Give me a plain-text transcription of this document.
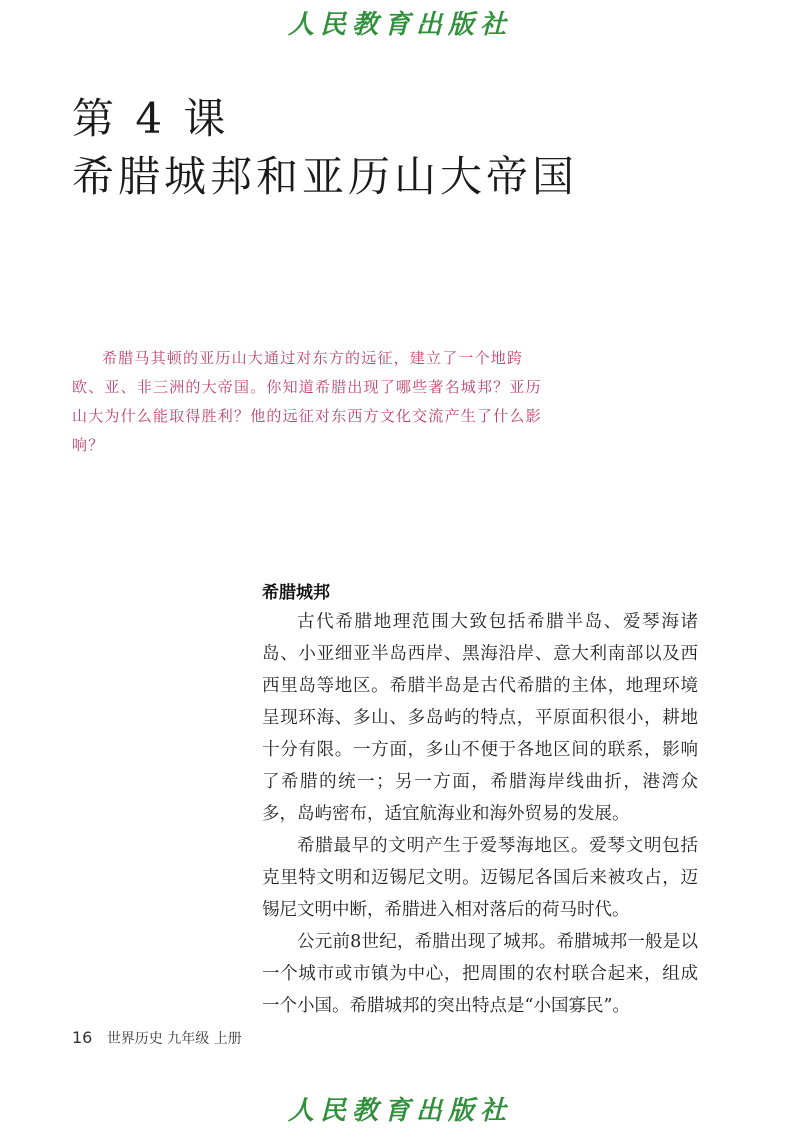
人民教育出版社
第 4 课
希腊城邦和亚历山大帝国

希腊马其顿的亚历山大通过对东方的远征，建立了一个地跨欧、亚、非三洲的大帝国。你知道希腊出现了哪些著名城邦？亚历山大为什么能取得胜利？他的远征对东西方文化交流产生了什么影响？

希腊城邦

古代希腊地理范围大致包括希腊半岛、爱琴海诸岛、小亚细亚半岛西岸、黑海沿岸、意大利南部以及西西里岛等地区。希腊半岛是古代希腊的主体，地理环境呈现环海、多山、多岛屿的特点，平原面积很小，耕地十分有限。一方面，多山不便于各地区间的联系，影响了希腊的统一；另一方面，希腊海岸线曲折，港湾众多，岛屿密布，适宜航海业和海外贸易的发展。

希腊最早的文明产生于爱琴海地区。爱琴文明包括克里特文明和迈锡尼文明。迈锡尼各国后来被攻占，迈锡尼文明中断，希腊进入相对落后的荷马时代。

公元前8世纪，希腊出现了城邦。希腊城邦一般是以一个城市或市镇为中心，把周围的农村联合起来，组成一个小国。希腊城邦的突出特点是“小国寡民”。

16 世界历史 九年级 上册
人民教育出版社
